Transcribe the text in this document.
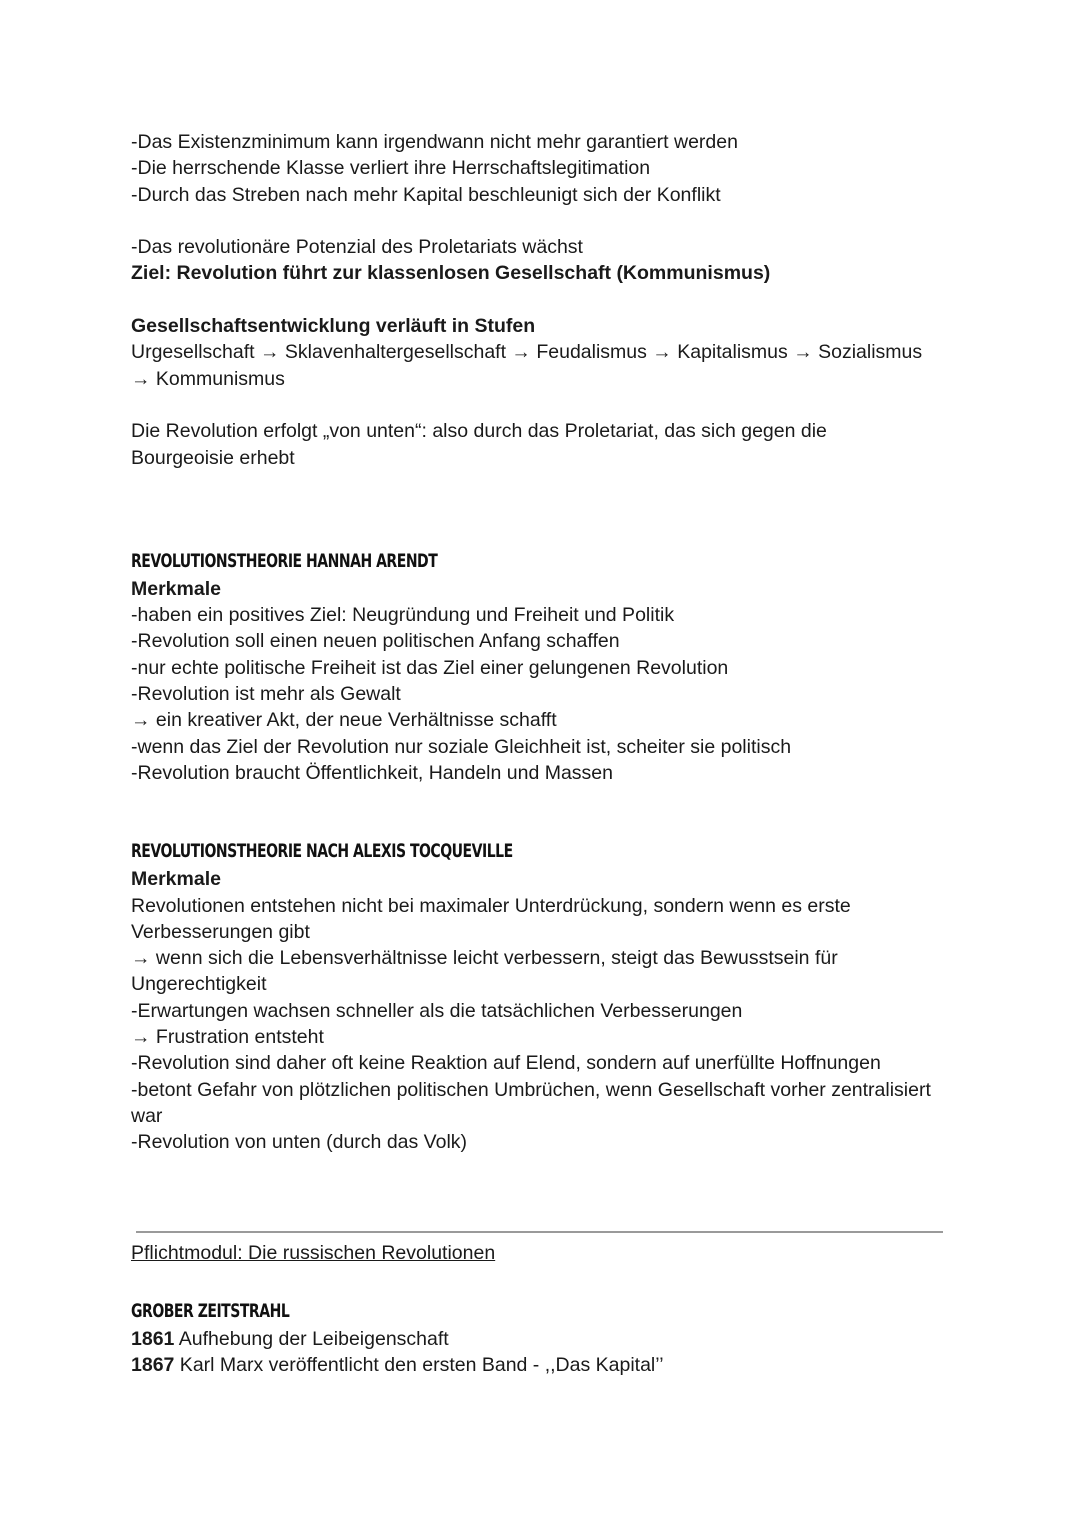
-Das Existenzminimum kann irgendwann nicht mehr garantiert werden
-Die herrschende Klasse verliert ihre Herrschaftslegitimation
-Durch das Streben nach mehr Kapital beschleunigt sich der Konflikt
-Das revolutionäre Potenzial des Proletariats wächst
Ziel: Revolution führt zur klassenlosen Gesellschaft (Kommunismus)
Gesellschaftsentwicklung verläuft in Stufen
Urgesellschaft → Sklavenhaltergesellschaft → Feudalismus → Kapitalismus → Sozialismus
→ Kommunismus
Die Revolution erfolgt „von unten“: also durch das Proletariat, das sich gegen die
Bourgeoisie erhebt
REVOLUTIONSTHEORIE HANNAH ARENDT
Merkmale
-haben ein positives Ziel: Neugründung und Freiheit und Politik
-Revolution soll einen neuen politischen Anfang schaffen
-nur echte politische Freiheit ist das Ziel einer gelungenen Revolution
-Revolution ist mehr als Gewalt
→ ein kreativer Akt, der neue Verhältnisse schafft
-wenn das Ziel der Revolution nur soziale Gleichheit ist, scheiter sie politisch
-Revolution braucht Öffentlichkeit, Handeln und Massen
REVOLUTIONSTHEORIE NACH ALEXIS TOCQUEVILLE
Merkmale
Revolutionen entstehen nicht bei maximaler Unterdrückung, sondern wenn es erste
Verbesserungen gibt
→ wenn sich die Lebensverhältnisse leicht verbessern, steigt das Bewusstsein für
Ungerechtigkeit
-Erwartungen wachsen schneller als die tatsächlichen Verbesserungen
→ Frustration entsteht
-Revolution sind daher oft keine Reaktion auf Elend, sondern auf unerfüllte Hoffnungen
-betont Gefahr von plötzlichen politischen Umbrüchen, wenn Gesellschaft vorher zentralisiert
war
-Revolution von unten (durch das Volk)
Pflichtmodul: Die russischen Revolutionen
GROBER ZEITSTRAHL
1861 Aufhebung der Leibeigenschaft
1867 Karl Marx veröffentlicht den ersten Band - ,,Das Kapital’’
